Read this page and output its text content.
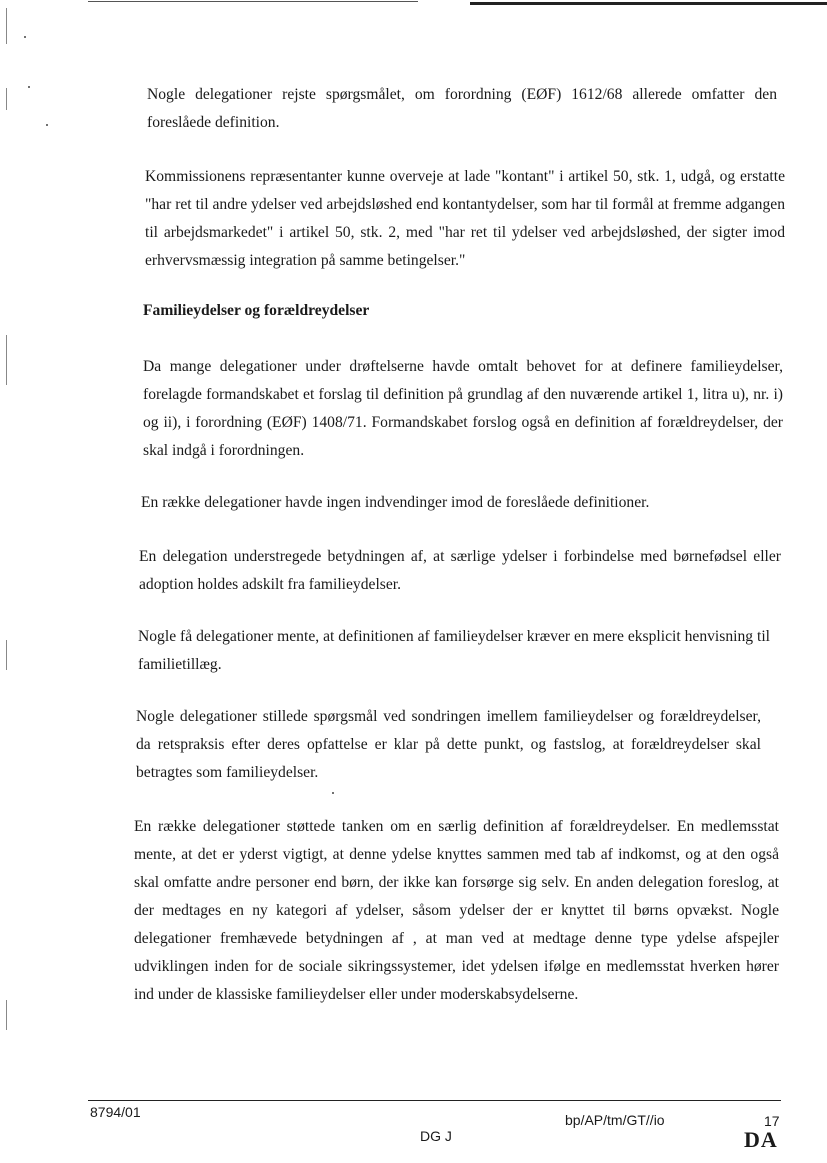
Nogle delegationer rejste spørgsmålet, om forordning (EØF) 1612/68 allerede omfatter den foreslåede definition.
Kommissionens repræsentanter kunne overveje at lade "kontant" i artikel 50, stk. 1, udgå, og erstatte "har ret til andre ydelser ved arbejdsløshed end kontantydelser, som har til formål at fremme adgangen til arbejdsmarkedet" i artikel 50, stk. 2, med "har ret til ydelser ved arbejdsløshed, der sigter imod erhvervsmæssig integration på samme betingelser."
Familieydelser og forældreydelser
Da mange delegationer under drøftelserne havde omtalt behovet for at definere familieydelser, forelagde formandskabet et forslag til definition på grundlag af den nuværende artikel 1, litra u), nr. i) og ii), i forordning (EØF) 1408/71. Formandskabet forslog også en definition af forældreydelser, der skal indgå i forordningen.
En række delegationer havde ingen indvendinger imod de foreslåede definitioner.
En delegation understregede betydningen af, at særlige ydelser i forbindelse med børnefødsel eller adoption holdes adskilt fra familieydelser.
Nogle få delegationer mente, at definitionen af familieydelser kræver en mere eksplicit henvisning til familietillæg.
Nogle delegationer stillede spørgsmål ved sondringen imellem familieydelser og forældreydelser, da retspraksis efter deres opfattelse er klar på dette punkt, og fastslog, at forældreydelser skal betragtes som familieydelser.
En række delegationer støttede tanken om en særlig definition af forældreydelser. En medlemsstat mente, at det er yderst vigtigt, at denne ydelse knyttes sammen med tab af indkomst, og at den også skal omfatte andre personer end børn, der ikke kan forsørge sig selv. En anden delegation foreslog, at der medtages en ny kategori af ydelser, såsom ydelser der er knyttet til børns opvækst. Nogle delegationer fremhævede betydningen af , at man ved at medtage denne type ydelse afspejler udviklingen inden for de sociale sikringssystemer, idet ydelsen ifølge en medlemsstat hverken hører ind under de klassiske familieydelser eller under moderskabsydelserne.
8794/01	bp/AP/tm/GT//io	17
DG J	DA
